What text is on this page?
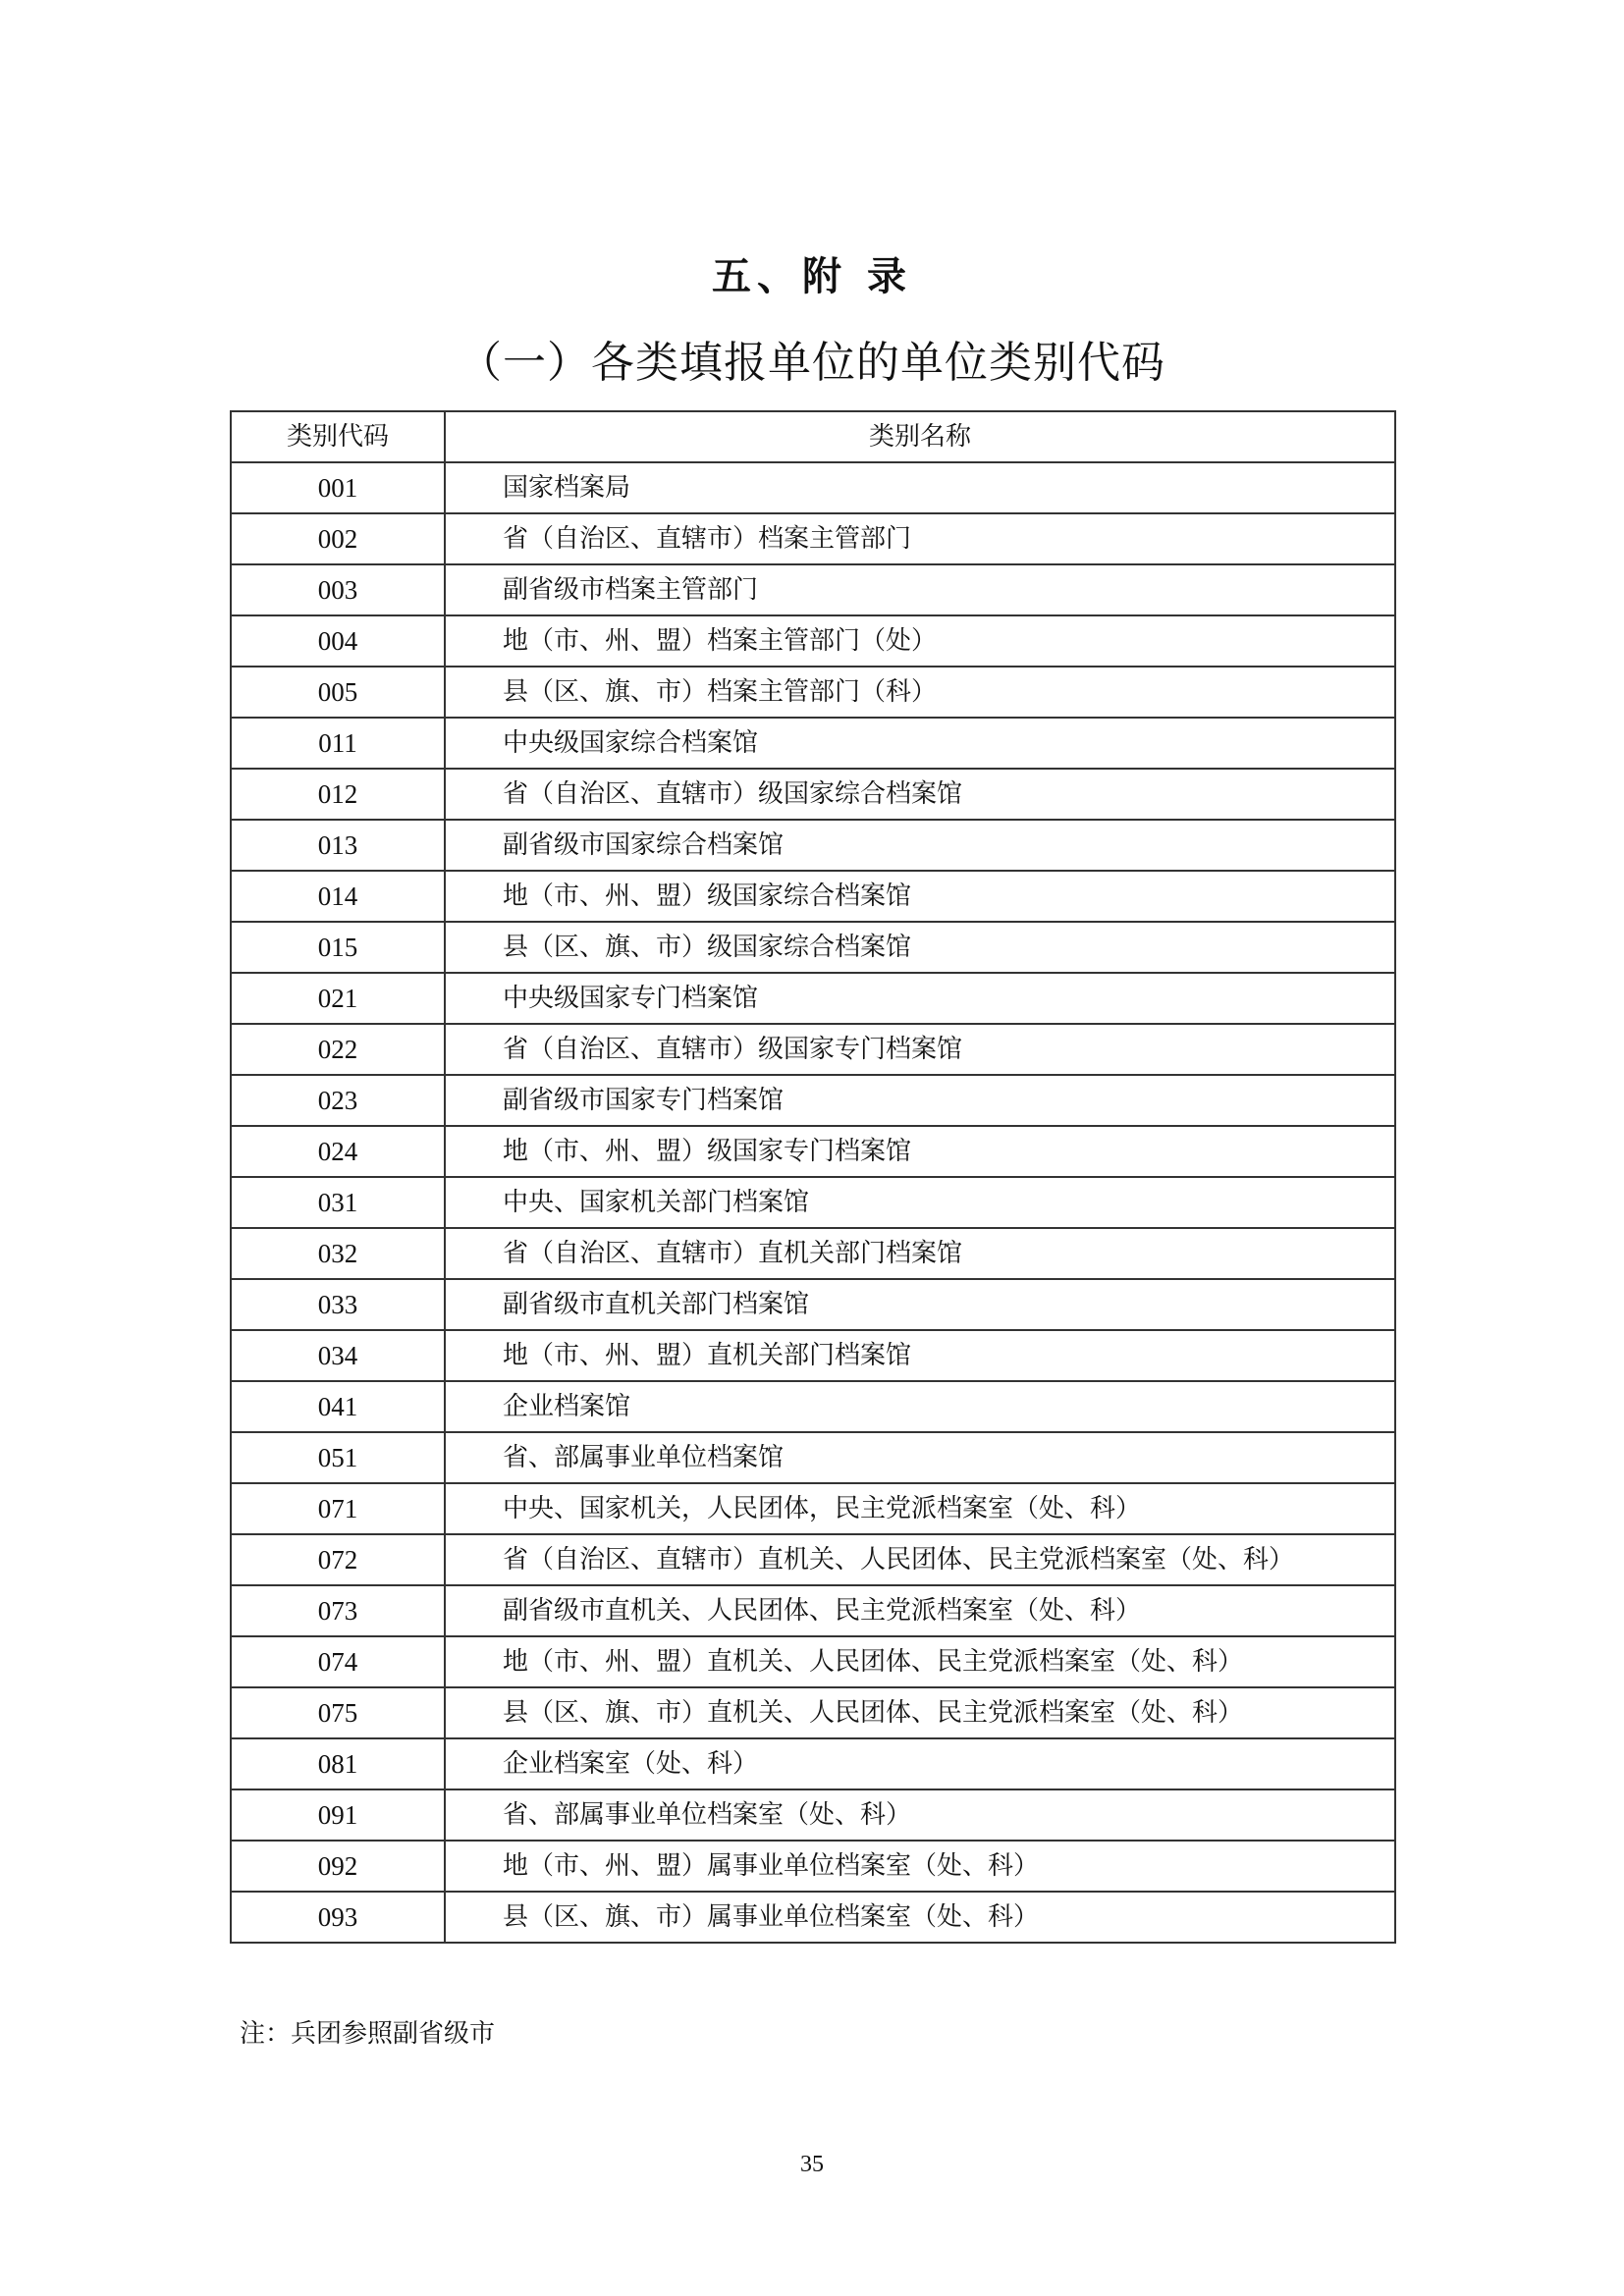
五、附 录
（一）各类填报单位的单位类别代码
类别代码	类别名称
001	国家档案局
002	省（自治区、直辖市）档案主管部门
003	副省级市档案主管部门
004	地（市、州、盟）档案主管部门（处）
005	县（区、旗、市）档案主管部门（科）
011	中央级国家综合档案馆
012	省（自治区、直辖市）级国家综合档案馆
013	副省级市国家综合档案馆
014	地（市、州、盟）级国家综合档案馆
015	县（区、旗、市）级国家综合档案馆
021	中央级国家专门档案馆
022	省（自治区、直辖市）级国家专门档案馆
023	副省级市国家专门档案馆
024	地（市、州、盟）级国家专门档案馆
031	中央、国家机关部门档案馆
032	省（自治区、直辖市）直机关部门档案馆
033	副省级市直机关部门档案馆
034	地（市、州、盟）直机关部门档案馆
041	企业档案馆
051	省、部属事业单位档案馆
071	中央、国家机关，人民团体，民主党派档案室（处、科）
072	省（自治区、直辖市）直机关、人民团体、民主党派档案室（处、科）
073	副省级市直机关、人民团体、民主党派档案室（处、科）
074	地（市、州、盟）直机关、人民团体、民主党派档案室（处、科）
075	县（区、旗、市）直机关、人民团体、民主党派档案室（处、科）
081	企业档案室（处、科）
091	省、部属事业单位档案室（处、科）
092	地（市、州、盟）属事业单位档案室（处、科）
093	县（区、旗、市）属事业单位档案室（处、科）
注：兵团参照副省级市
35
